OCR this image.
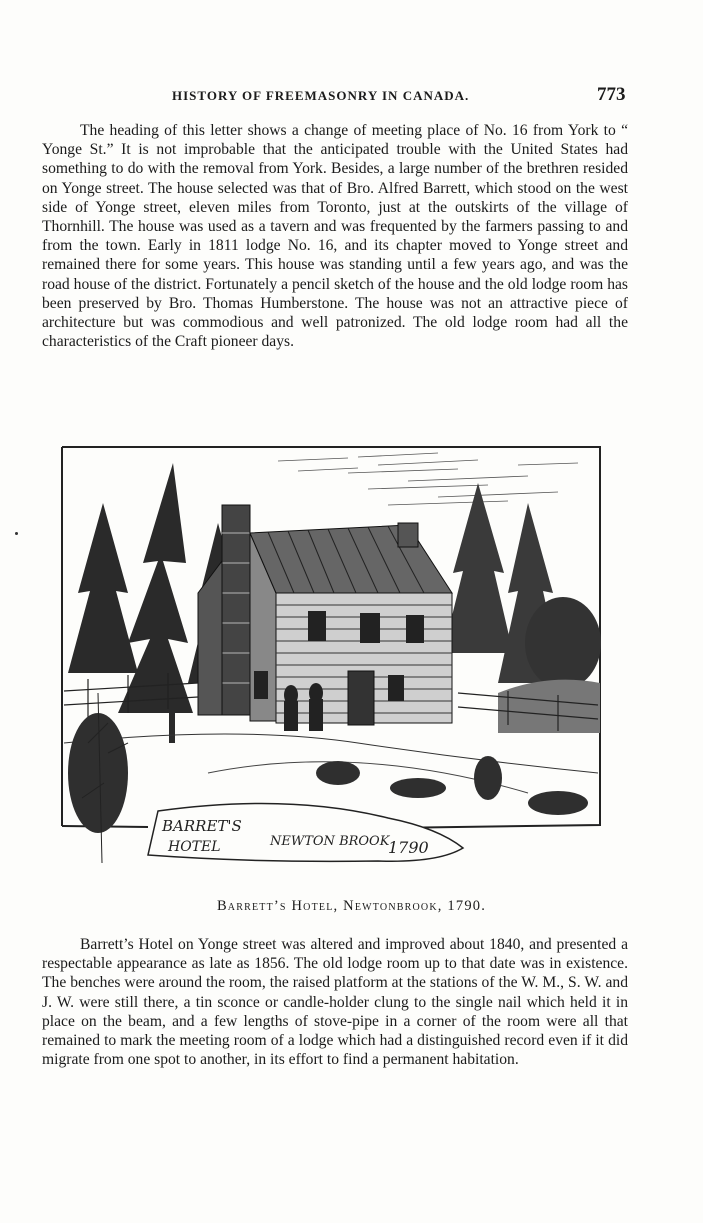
HISTORY OF FREEMASONRY IN CANADA.	773

The heading of this letter shows a change of meeting place of No. 16 from York to “ Yonge St.” It is not improbable that the anticipated trouble with the United States had something to do with the removal from York. Besides, a large number of the brethren resided on Yonge street. The house selected was that of Bro. Alfred Barrett, which stood on the west side of Yonge street, eleven miles from Toronto, just at the outskirts of the village of Thornhill. The house was used as a tavern and was frequented by the farmers passing to and from the town. Early in 1811 lodge No. 16, and its chapter moved to Yonge street and remained there for some years. This house was standing until a few years ago, and was the road house of the district. Fortunately a pencil sketch of the house and the old lodge room has been preserved by Bro. Thomas Humberstone. The house was not an attractive piece of architecture but was commodious and well patronized. The old lodge room had all the characteristics of the Craft pioneer days.

BARRET'S
HOTEL	NEWTON BROOK
1790
Barrett’s Hotel, Newtonbrook, 1790.

Barrett’s Hotel on Yonge street was altered and improved about 1840, and presented a respectable appearance as late as 1856. The old lodge room up to that date was in existence. The benches were around the room, the raised platform at the stations of the W. M., S. W. and J. W. were still there, a tin sconce or candle-holder clung to the single nail which held it in place on the beam, and a few lengths of stove-pipe in a corner of the room were all that remained to mark the meeting room of a lodge which had a distinguished record even if it did migrate from one spot to another, in its effort to find a permanent habitation.
